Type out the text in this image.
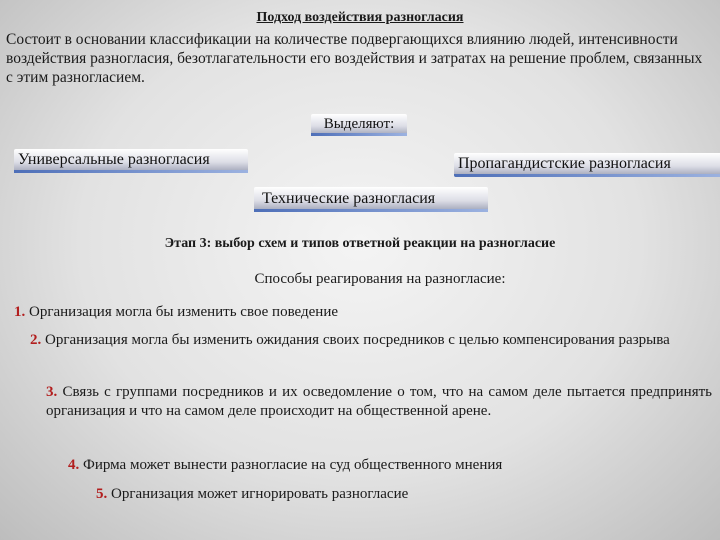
Подход воздействия разногласия
Состоит в основании классификации на количестве подвергающихся влиянию людей, интенсивности воздействия разногласия, безотлагательности его воздействия и затратах на решение проблем, связанных с этим разногласием.
Выделяют:
Универсальные разногласия	Пропагандистские разногласия
Технические разногласия
Этап 3: выбор схем и типов ответной реакции на разногласие
Способы реагирования на разногласие:
1. Организация могла бы изменить свое поведение
2. Организация могла бы изменить ожидания своих посредников с целью компенсирования разрыва
3. Связь с группами посредников и их осведомление о том, что на самом деле пытается предпринять организация и что на самом деле происходит на общественной арене.
4. Фирма может вынести разногласие на суд общественного мнения
5. Организация может игнорировать разногласие
